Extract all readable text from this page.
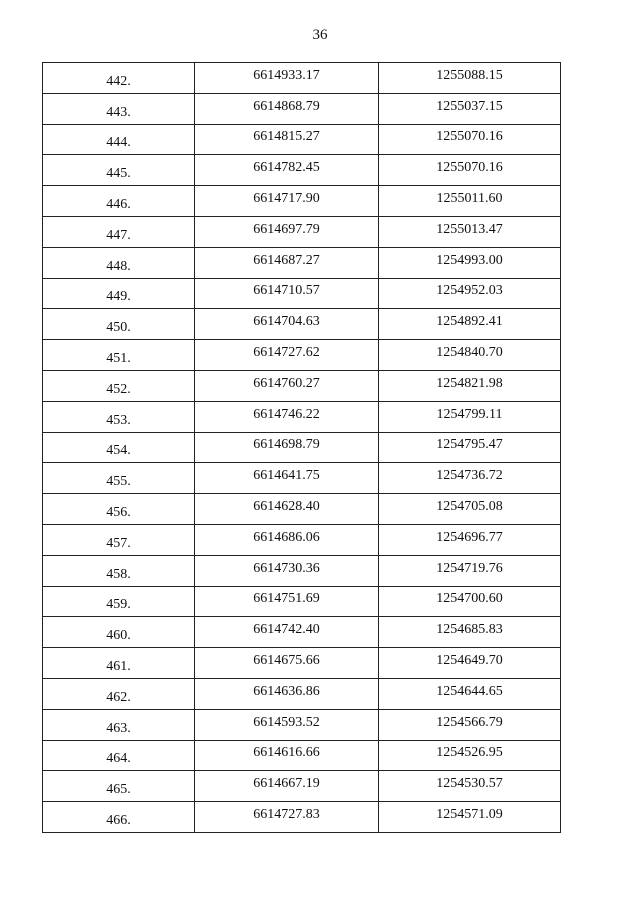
36
442.	6614933.17	1255088.15
443.	6614868.79	1255037.15
444.	6614815.27	1255070.16
445.	6614782.45	1255070.16
446.	6614717.90	1255011.60
447.	6614697.79	1255013.47
448.	6614687.27	1254993.00
449.	6614710.57	1254952.03
450.	6614704.63	1254892.41
451.	6614727.62	1254840.70
452.	6614760.27	1254821.98
453.	6614746.22	1254799.11
454.	6614698.79	1254795.47
455.	6614641.75	1254736.72
456.	6614628.40	1254705.08
457.	6614686.06	1254696.77
458.	6614730.36	1254719.76
459.	6614751.69	1254700.60
460.	6614742.40	1254685.83
461.	6614675.66	1254649.70
462.	6614636.86	1254644.65
463.	6614593.52	1254566.79
464.	6614616.66	1254526.95
465.	6614667.19	1254530.57
466.	6614727.83	1254571.09
